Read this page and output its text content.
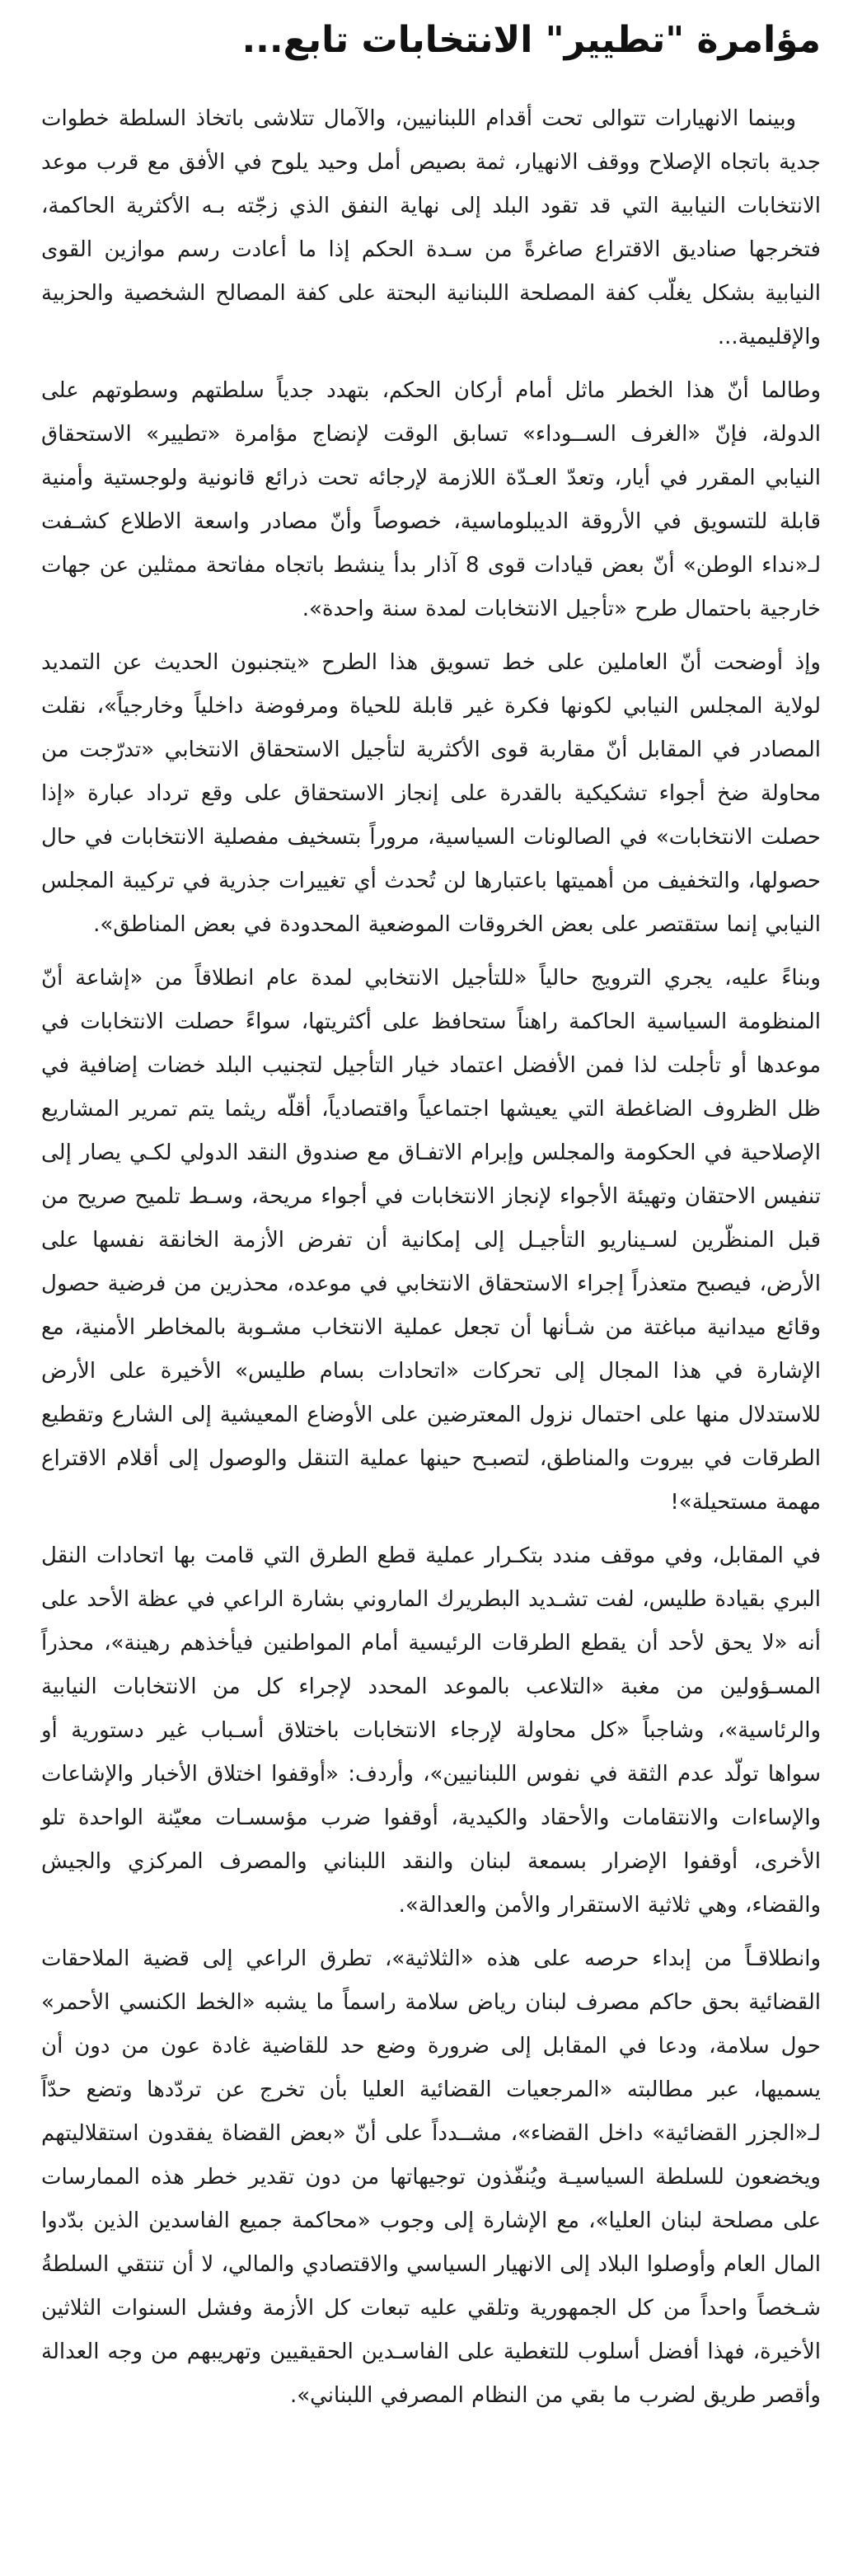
مؤامرة "تطيير" الانتخابات تابع...

وبينما الانهيارات تتوالى تحت أقدام اللبنانيين، والآمال تتلاشى باتخاذ السلطة خطوات جدية باتجاه الإصلاح ووقف الانهيار، ثمة بصيص أمل وحيد يلوح في الأفق مع قرب موعد الانتخابات النيابية التي قد تقود البلد إلى نهاية النفق الذي زجّته بـه الأكثرية الحاكمة، فتخرجها صناديق الاقتراع صاغرةً من سـدة الحكم إذا ما أعادت رسم موازين القوى النيابية بشكل يغلّب كفة المصلحة اللبنانية البحتة على كفة المصالح الشخصية والحزبية والإقليمية...

وطالما أنّ هذا الخطر ماثل أمام أركان الحكم، بتهدد جدياً سلطتهم وسطوتهم على الدولة، فإنّ «الغرف الســوداء» تسابق الوقت لإنضاج مؤامرة «تطيير» الاستحقاق النيابي المقرر في أيار، وتعدّ العـدّة اللازمة لإرجائه تحت ذرائع قانونية ولوجستية وأمنية قابلة للتسويق في الأروقة الديبلوماسية، خصوصاً وأنّ مصادر واسعة الاطلاع كشـفت لـ«نداء الوطن» أنّ بعض قيادات قوى 8 آذار بدأ ينشط باتجاه مفاتحة ممثلين عن جهات خارجية باحتمال طرح «تأجيل الانتخابات لمدة سنة واحدة».

وإذ أوضحت أنّ العاملين على خط تسويق هذا الطرح «يتجنبون الحديث عن التمديد لولاية المجلس النيابي لكونها فكرة غير قابلة للحياة ومرفوضة داخلياً وخارجياً»، نقلت المصادر في المقابل أنّ مقاربة قوى الأكثرية لتأجيل الاستحقاق الانتخابي «تدرّجت من محاولة ضخ أجواء تشكيكية بالقدرة على إنجاز الاستحقاق على وقع ترداد عبارة «إذا حصلت الانتخابات» في الصالونات السياسية، مروراً بتسخيف مفصلية الانتخابات في حال حصولها، والتخفيف من أهميتها باعتبارها لن تُحدث أي تغييرات جذرية في تركيبة المجلس النيابي إنما ستقتصر على بعض الخروقات الموضعية المحدودة في بعض المناطق».

وبناءً عليه، يجري الترويج حالياً «للتأجيل الانتخابي لمدة عام انطلاقاً من «إشاعة أنّ المنظومة السياسية الحاكمة راهناً ستحافظ على أكثريتها، سواءً حصلت الانتخابات في موعدها أو تأجلت لذا فمن الأفضل اعتماد خيار التأجيل لتجنيب البلد خضات إضافية في ظل الظروف الضاغطة التي يعيشها اجتماعياً واقتصادياً، أقلّه ريثما يتم تمرير المشاريع الإصلاحية في الحكومة والمجلس وإبرام الاتفـاق مع صندوق النقد الدولي لكـي يصار إلى تنفيس الاحتقان وتهيئة الأجواء لإنجاز الانتخابات في أجواء مريحة، وسـط تلميح صريح من قبل المنظّرين لسـيناريو التأجيـل إلى إمكانية أن تفرض الأزمة الخانقة نفسها على الأرض، فيصبح متعذراً إجراء الاستحقاق الانتخابي في موعده، محذرين من فرضية حصول وقائع ميدانية مباغتة من شـأنها أن تجعل عملية الانتخاب مشـوبة بالمخاطر الأمنية، مع الإشارة في هذا المجال إلى تحركات «اتحادات بسام طليس» الأخيرة على الأرض للاستدلال منها على احتمال نزول المعترضين على الأوضاع المعيشية إلى الشارع وتقطيع الطرقات في بيروت والمناطق، لتصبـح حينها عملية التنقل والوصول إلى أقلام الاقتراع مهمة مستحيلة»!

في المقابل، وفي موقف مندد بتكـرار عملية قطع الطرق التي قامت بها اتحادات النقل البري بقيادة طليس، لفت تشـديد البطريرك الماروني بشارة الراعي في عظة الأحد على أنه «لا يحق لأحد أن يقطع الطرقات الرئيسية أمام المواطنين فيأخذهم رهينة»، محذراً المسـؤولين من مغبة «التلاعب بالموعد المحدد لإجراء كل من الانتخابات النيابية والرئاسية»، وشاجباً «كل محاولة لإرجاء الانتخابات باختلاق أسـباب غير دستورية أو سواها تولّد عدم الثقة في نفوس اللبنانيين»، وأردف: «أوقفوا اختلاق الأخبار والإشاعات والإساءات والانتقامات والأحقاد والكيدية، أوقفوا ضرب مؤسسـات معيّنة الواحدة تلو الأخرى، أوقفوا الإضرار بسمعة لبنان والنقد اللبناني والمصرف المركزي والجيش والقضاء، وهي ثلاثية الاستقرار والأمن والعدالة».

وانطلاقـاً من إبداء حرصه على هذه «الثلاثية»، تطرق الراعي إلى قضية الملاحقات القضائية بحق حاكم مصرف لبنان رياض سلامة راسماً ما يشبه «الخط الكنسي الأحمر» حول سلامة، ودعا في المقابل إلى ضرورة وضع حد للقاضية غادة عون من دون أن يسميها، عبر مطالبته «المرجعيات القضائية العليا بأن تخرج عن تردّدها وتضع حدّاً لـ«الجزر القضائية» داخل القضاء»، مشــدداً على أنّ «بعض القضاة يفقدون استقلاليتهم ويخضعون للسلطة السياسيـة ويُنفّذون توجيهاتها من دون تقدير خطر هذه الممارسات على مصلحة لبنان العليا»، مع الإشارة إلى وجوب «محاكمة جميع الفاسدين الذين بدّدوا المال العام وأوصلوا البلاد إلى الانهيار السياسي والاقتصادي والمالي، لا أن تنتقي السلطةُ شـخصاً واحداً من كل الجمهورية وتلقي عليه تبعات كل الأزمة وفشل السنوات الثلاثين الأخيرة، فهذا أفضل أسلوب للتغطية على الفاسـدين الحقيقيين وتهريبهم من وجه العدالة وأقصر طريق لضرب ما بقي من النظام المصرفي اللبناني».
